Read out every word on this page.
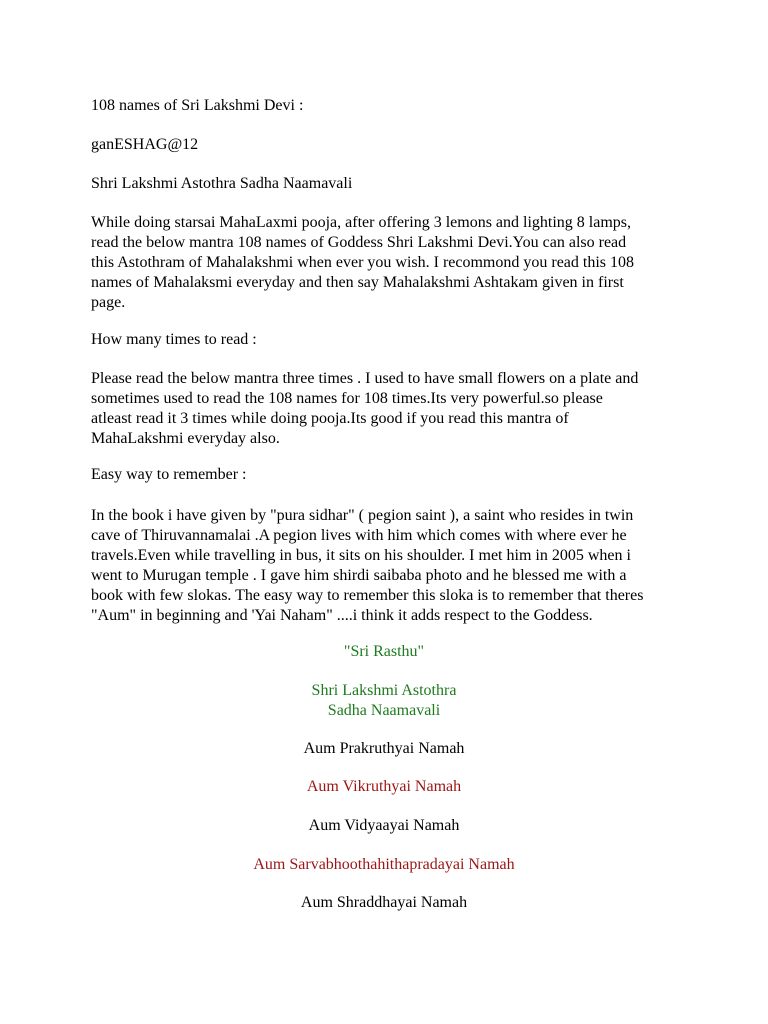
108 names of Sri Lakshmi Devi :

ganESHAG@12

Shri Lakshmi Astothra Sadha Naamavali

While doing starsai MahaLaxmi pooja, after offering 3 lemons and lighting 8 lamps,
read the below mantra 108 names of Goddess Shri Lakshmi Devi.You can also read
this Astothram of Mahalakshmi when ever you wish. I recommond you read this 108
names of Mahalaksmi everyday and then say Mahalakshmi Ashtakam given in first
page.

How many times to read :

Please read the below mantra three times . I used to have small flowers on a plate and
sometimes used to read the 108 names for 108 times.Its very powerful.so please
atleast read it 3 times while doing pooja.Its good if you read this mantra of
MahaLakshmi everyday also.

Easy way to remember :

In the book i have given by "pura sidhar" ( pegion saint ), a saint who resides in twin
cave of Thiruvannamalai .A pegion lives with him which comes with where ever he
travels.Even while travelling in bus, it sits on his shoulder. I met him in 2005 when i
went to Murugan temple . I gave him shirdi saibaba photo and he blessed me with a
book with few slokas. The easy way to remember this sloka is to remember that theres
"Aum" in beginning and 'Yai Naham" ....i think it adds respect to the Goddess.

"Sri Rasthu"

Shri Lakshmi Astothra
Sadha Naamavali

Aum Prakruthyai Namah

Aum Vikruthyai Namah

Aum Vidyaayai Namah

Aum Sarvabhoothahithapradayai Namah

Aum Shraddhayai Namah
